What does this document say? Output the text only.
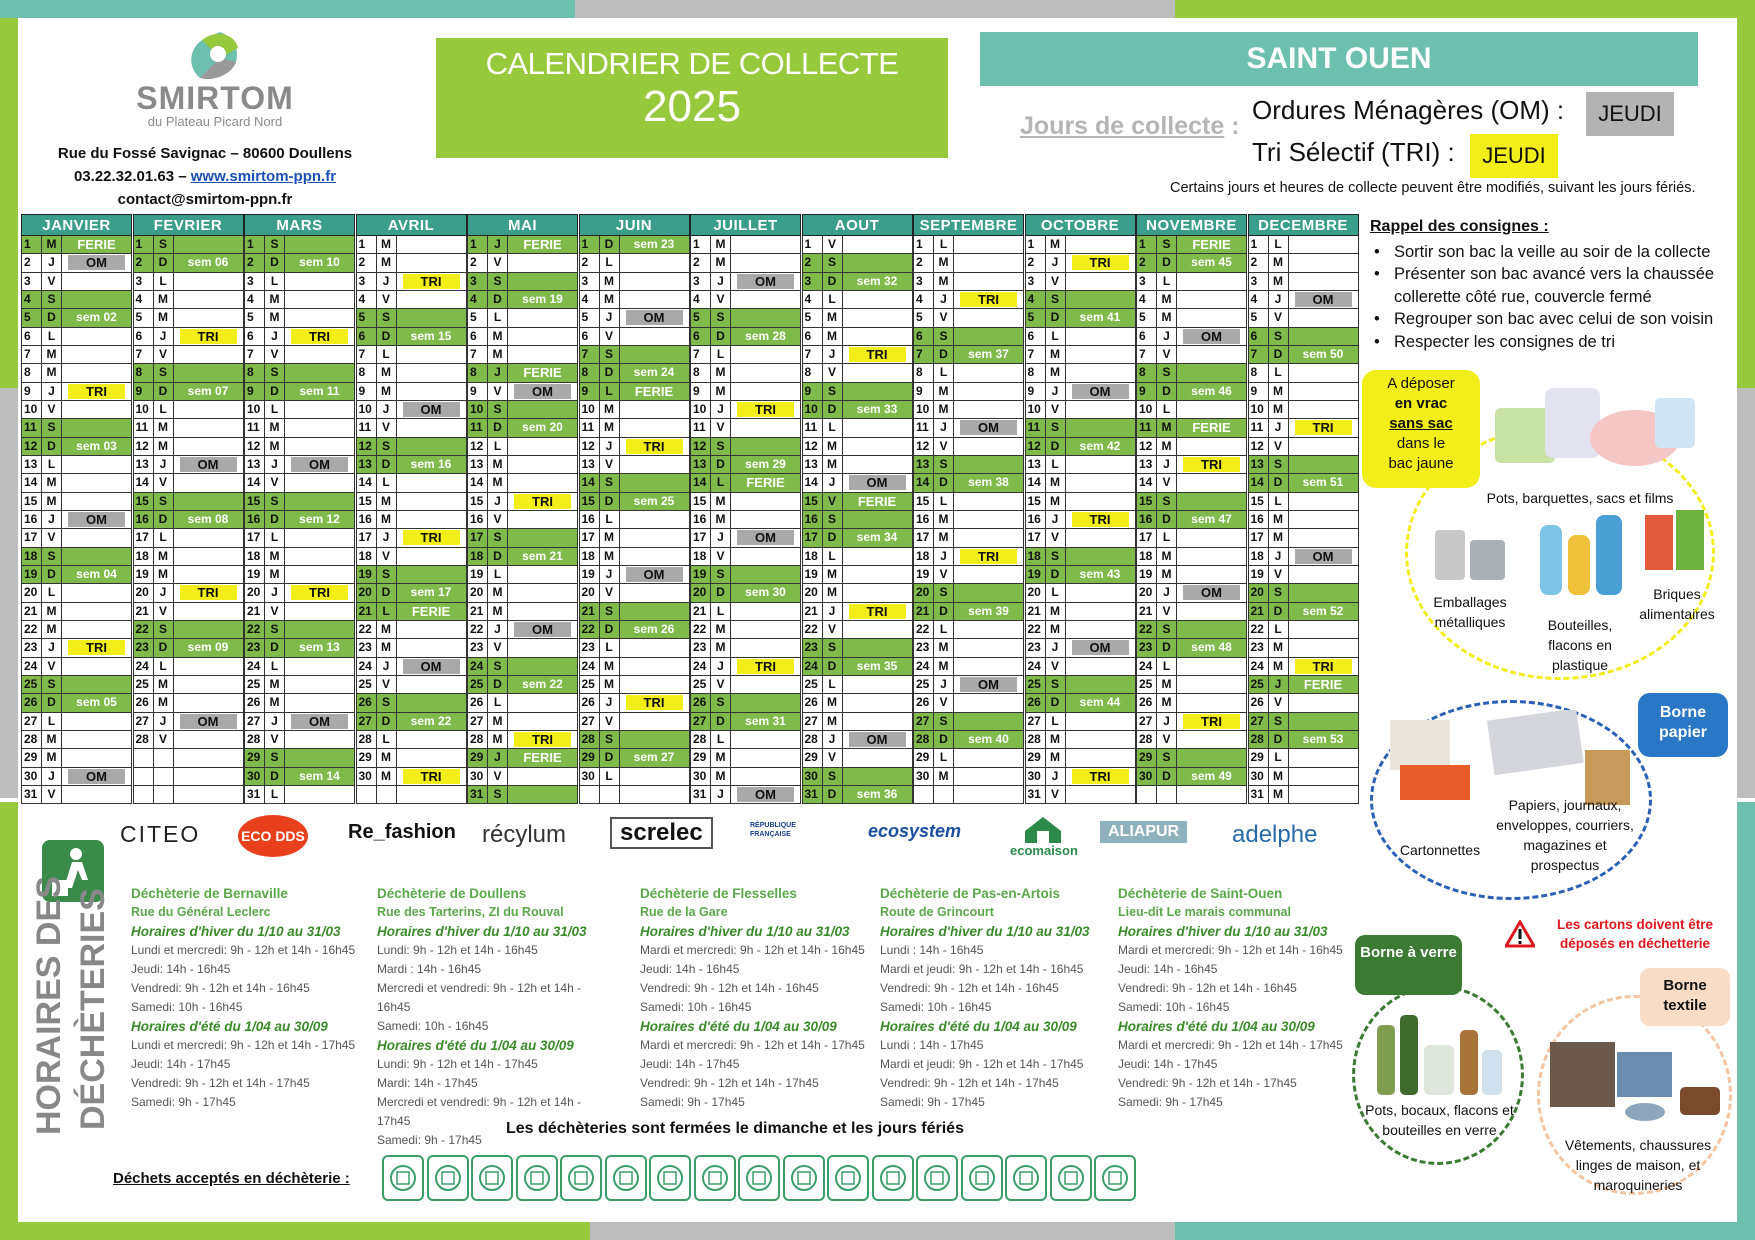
SMIRTOM
du Plateau Picard Nord
Rue du Fossé Savignac – 80600 Doullens
03.22.32.01.63 – www.smirtom-ppn.fr
contact@smirtom-ppn.fr
CALENDRIER DE COLLECTE
2025
SAINT OUEN
Jours de collecte :
Ordures Ménagères (OM) :	JEUDI
Tri Sélectif (TRI) :	JEUDI
Certains jours et heures de collecte peuvent être modifiés, suivant les jours fériés.
JANVIER
1	M	FERIE
2	J	OM
3	V
4	S
5	D	sem 02
6	L
7	M
8	M
9	J	TRI
10 V
11 S
12 D	sem 03
13 L
14 M
15 M
16 J	OM
17 V
18 S
19 D	sem 04
20 L
21 M
22 M
23 J	TRI
24 V
25 S
26 D	sem 05
27 L
28 M
29 M
30 J	OM
31 V
FEVRIER
1	S
2	D	sem 06
3	L
4	M
5	M
6	J	TRI
7	V
8	S
9	D	sem 07
10 L
11 M
12 M
13 J	OM
14 V
15 S
16 D	sem 08
17 L
18 M
19 M
20 J	TRI
21 V
22 S
23 D	sem 09
24 L
25 M
26 M
27 J	OM
28 V
MARS
1	S
2	D	sem 10
3	L
4	M
5	M
6	J	TRI
7	V
8	S
9	D	sem 11
10 L
11 M
12 M
13 J	OM
14 V
15 S
16 D	sem 12
17 L
18 M
19 M
20 J	TRI
21 V
22 S
23 D	sem 13
24 L
25 M
26 M
27 J	OM
28 V
29 S
30 D	sem 14
31 L
AVRIL
1	M
2	M
3	J	TRI
4	V
5	S
6	D	sem 15
7	L
8	M
9	M
10 J	OM
11 V
12 S
13 D	sem 16
14 L
15 M
16 M
17 J	TRI
18 V
19 S
20 D	sem 17
21 L	FERIE
22 M
23 M
24 J	OM
25 V
26 S
27 D	sem 22
28 L
29 M
30 M	TRI
MAI
1	J	FERIE
2	V
3	S
4	D	sem 19
5	L
6	M
7	M
8	J	FERIE
9	V	OM
10 S
11 D	sem 20
12 L
13 M
14 M
15 J	TRI
16 V
17 S
18 D	sem 21
19 L
20 M
21 M
22 J	OM
23 V
24 S
25 D	sem 22
26 L
27 M
28 M	TRI
29 J	FERIE
30 V
31 S
JUIN
1	D	sem 23
2	L
3	M
4	M
5	J	OM
6	V
7	S
8	D	sem 24
9	L	FERIE
10 M
11 M
12 J	TRI
13 V
14 S
15 D	sem 25
16 L
17 M
18 M
19 J	OM
20 V
21 S
22 D	sem 26
23 L
24 M
25 M
26 J	TRI
27 V
28 S
29 D	sem 27
30 L
JUILLET
1	M
2	M
3	J	OM
4	V
5	S
6	D	sem 28
7	L
8	M
9	M
10 J	TRI
11 V
12 S
13 D	sem 29
14 L	FERIE
15 M
16 M
17 J	OM
18 V
19 S
20 D	sem 30
21 L
22 M
23 M
24 J	TRI
25 V
26 S
27 D	sem 31
28 L
29 M
30 M
31 J	OM
AOUT
1	V
2	S
3	D	sem 32
4	L
5	M
6	M
7	J	TRI
8	V
9	S
10 D	sem 33
11 L
12 M
13 M
14 J	OM
15 V	FERIE
16 S
17 D	sem 34
18 L
19 M
20 M
21 J	TRI
22 V
23 S
24 D	sem 35
25 L
26 M
27 M
28 J	OM
29 V
30 S
31 D	sem 36
SEPTEMBRE
1	L
2	M
3	M
4	J	TRI
5	V
6	S
7	D	sem 37
8	L
9	M
10 M
11 J	OM
12 V
13 S
14 D	sem 38
15 L
16 M
17 M
18 J	TRI
19 V
20 S
21 D	sem 39
22 L
23 M
24 M
25 J	OM
26 V
27 S
28 D	sem 40
29 L
30 M
OCTOBRE
1	M
2	J	TRI
3	V
4	S
5	D	sem 41
6	L
7	M
8	M
9	J	OM
10 V
11 S
12 D	sem 42
13 L
14 M
15 M
16 J	TRI
17 V
18 S
19 D	sem 43
20 L
21 M
22 M
23 J	OM
24 V
25 S
26 D	sem 44
27 L
28 M
29 M
30 J	TRI
31 V
NOVEMBRE
1	S	FERIE
2	D	sem 45
3	L
4	M
5	M
6	J	OM
7	V
8	S
9	D	sem 46
10 L
11 M	FERIE
12 M
13 J	TRI
14 V
15 S
16 D	sem 47
17 L
18 M
19 M
20 J	OM
21 V
22 S
23 D	sem 48
24 L
25 M
26 M
27 J	TRI
28 V
29 S
30 D	sem 49
DECEMBRE
1	L
2	M
3	M
4	J	OM
5	V
6	S
7	D	sem 50
8	L
9	M
10 M
11 J	TRI
12 V
13 S
14 D	sem 51
15 L
16 M
17 M
18 J	OM
19 V
20 S
21 D	sem 52
22 L
23 M
24 M	TRI
25 J	FERIE
26 V
27 S
28 D	sem 53
29 L
30 M
31 M
Rappel des consignes :
• Sortir son bac la veille au soir de la collecte
• Présenter son bac avancé vers la chaussée collerette côté rue, couvercle fermé
• Regrouper son bac avec celui de son voisin
• Respecter les consignes de tri
A déposer
en vrac
sans sac
dans le
bac jaune
Pots, barquettes, sacs et films
Emballages métalliques	Bouteilles, flacons en plastique
Briques alimentaires
Borne papier
Papiers, journaux, enveloppes, courriers, magazines et prospectus
Cartonnettes
Les cartons doivent être déposés en déchetterie
Borne à verre
Pots, bocaux, flacons et bouteilles en verre
Borne textile
Vêtements, chaussures linges de maison, et maroquineries
CITEO	ECO DDS Re_fashion récylum	screlec	RÉPUBLIQUE FRANÇAISE	ecosystem
ecomaison
ALIAPUR	adelphe
HORAIRES DES DÉCHÈTERIES Déchèterie de Bernaville
Rue du Général Leclerc
Horaires d'hiver du 1/10 au 31/03
Lundi et mercredi: 9h - 12h et 14h - 16h45
Jeudi: 14h - 16h45
Vendredi: 9h - 12h et 14h - 16h45
Samedi: 10h - 16h45
Horaires d'été du 1/04 au 30/09
Lundi et mercredi: 9h - 12h et 14h - 17h45
Jeudi: 14h - 17h45
Vendredi: 9h - 12h et 14h - 17h45
Samedi: 9h - 17h45
Déchèterie de Doullens
Rue des Tarterins, ZI du Rouval
Horaires d'hiver du 1/10 au 31/03
Lundi: 9h - 12h et 14h - 16h45
Mardi : 14h - 16h45
Mercredi et vendredi: 9h - 12h et 14h - 16h45
Samedi: 10h - 16h45
Horaires d'été du 1/04 au 30/09
Lundi: 9h - 12h et 14h - 17h45
Mardi: 14h - 17h45
Mercredi et vendredi: 9h - 12h et 14h - 17h45
Samedi: 9h - 17h45
Déchèterie de Flesselles
Rue de la Gare
Horaires d'hiver du 1/10 au 31/03
Mardi et mercredi: 9h - 12h et 14h - 16h45
Jeudi: 14h - 16h45
Vendredi: 9h - 12h et 14h - 16h45
Samedi: 10h - 16h45
Horaires d'été du 1/04 au 30/09
Mardi et mercredi: 9h - 12h et 14h - 17h45
Jeudi: 14h - 17h45
Vendredi: 9h - 12h et 14h - 17h45
Samedi: 9h - 17h45
Déchèterie de Pas-en-Artois
Route de Grincourt
Horaires d'hiver du 1/10 au 31/03
Lundi : 14h - 16h45
Mardi et jeudi: 9h - 12h et 14h - 16h45
Vendredi: 9h - 12h et 14h - 16h45
Samedi: 10h - 16h45
Horaires d'été du 1/04 au 30/09
Lundi : 14h - 17h45
Mardi et jeudi: 9h - 12h et 14h - 17h45
Vendredi: 9h - 12h et 14h - 17h45
Samedi: 9h - 17h45
Déchèterie de Saint-Ouen
Lieu-dit Le marais communal
Horaires d'hiver du 1/10 au 31/03
Mardi et mercredi: 9h - 12h et 14h - 16h45
Jeudi: 14h - 16h45
Vendredi: 9h - 12h et 14h - 16h45
Samedi: 10h - 16h45
Horaires d'été du 1/04 au 30/09
Mardi et mercredi: 9h - 12h et 14h - 17h45
Jeudi: 14h - 17h45
Vendredi: 9h - 12h et 14h - 17h45
Samedi: 9h - 17h45
Les déchèteries sont fermées le dimanche et les jours fériés
Déchets acceptés en déchèterie :
